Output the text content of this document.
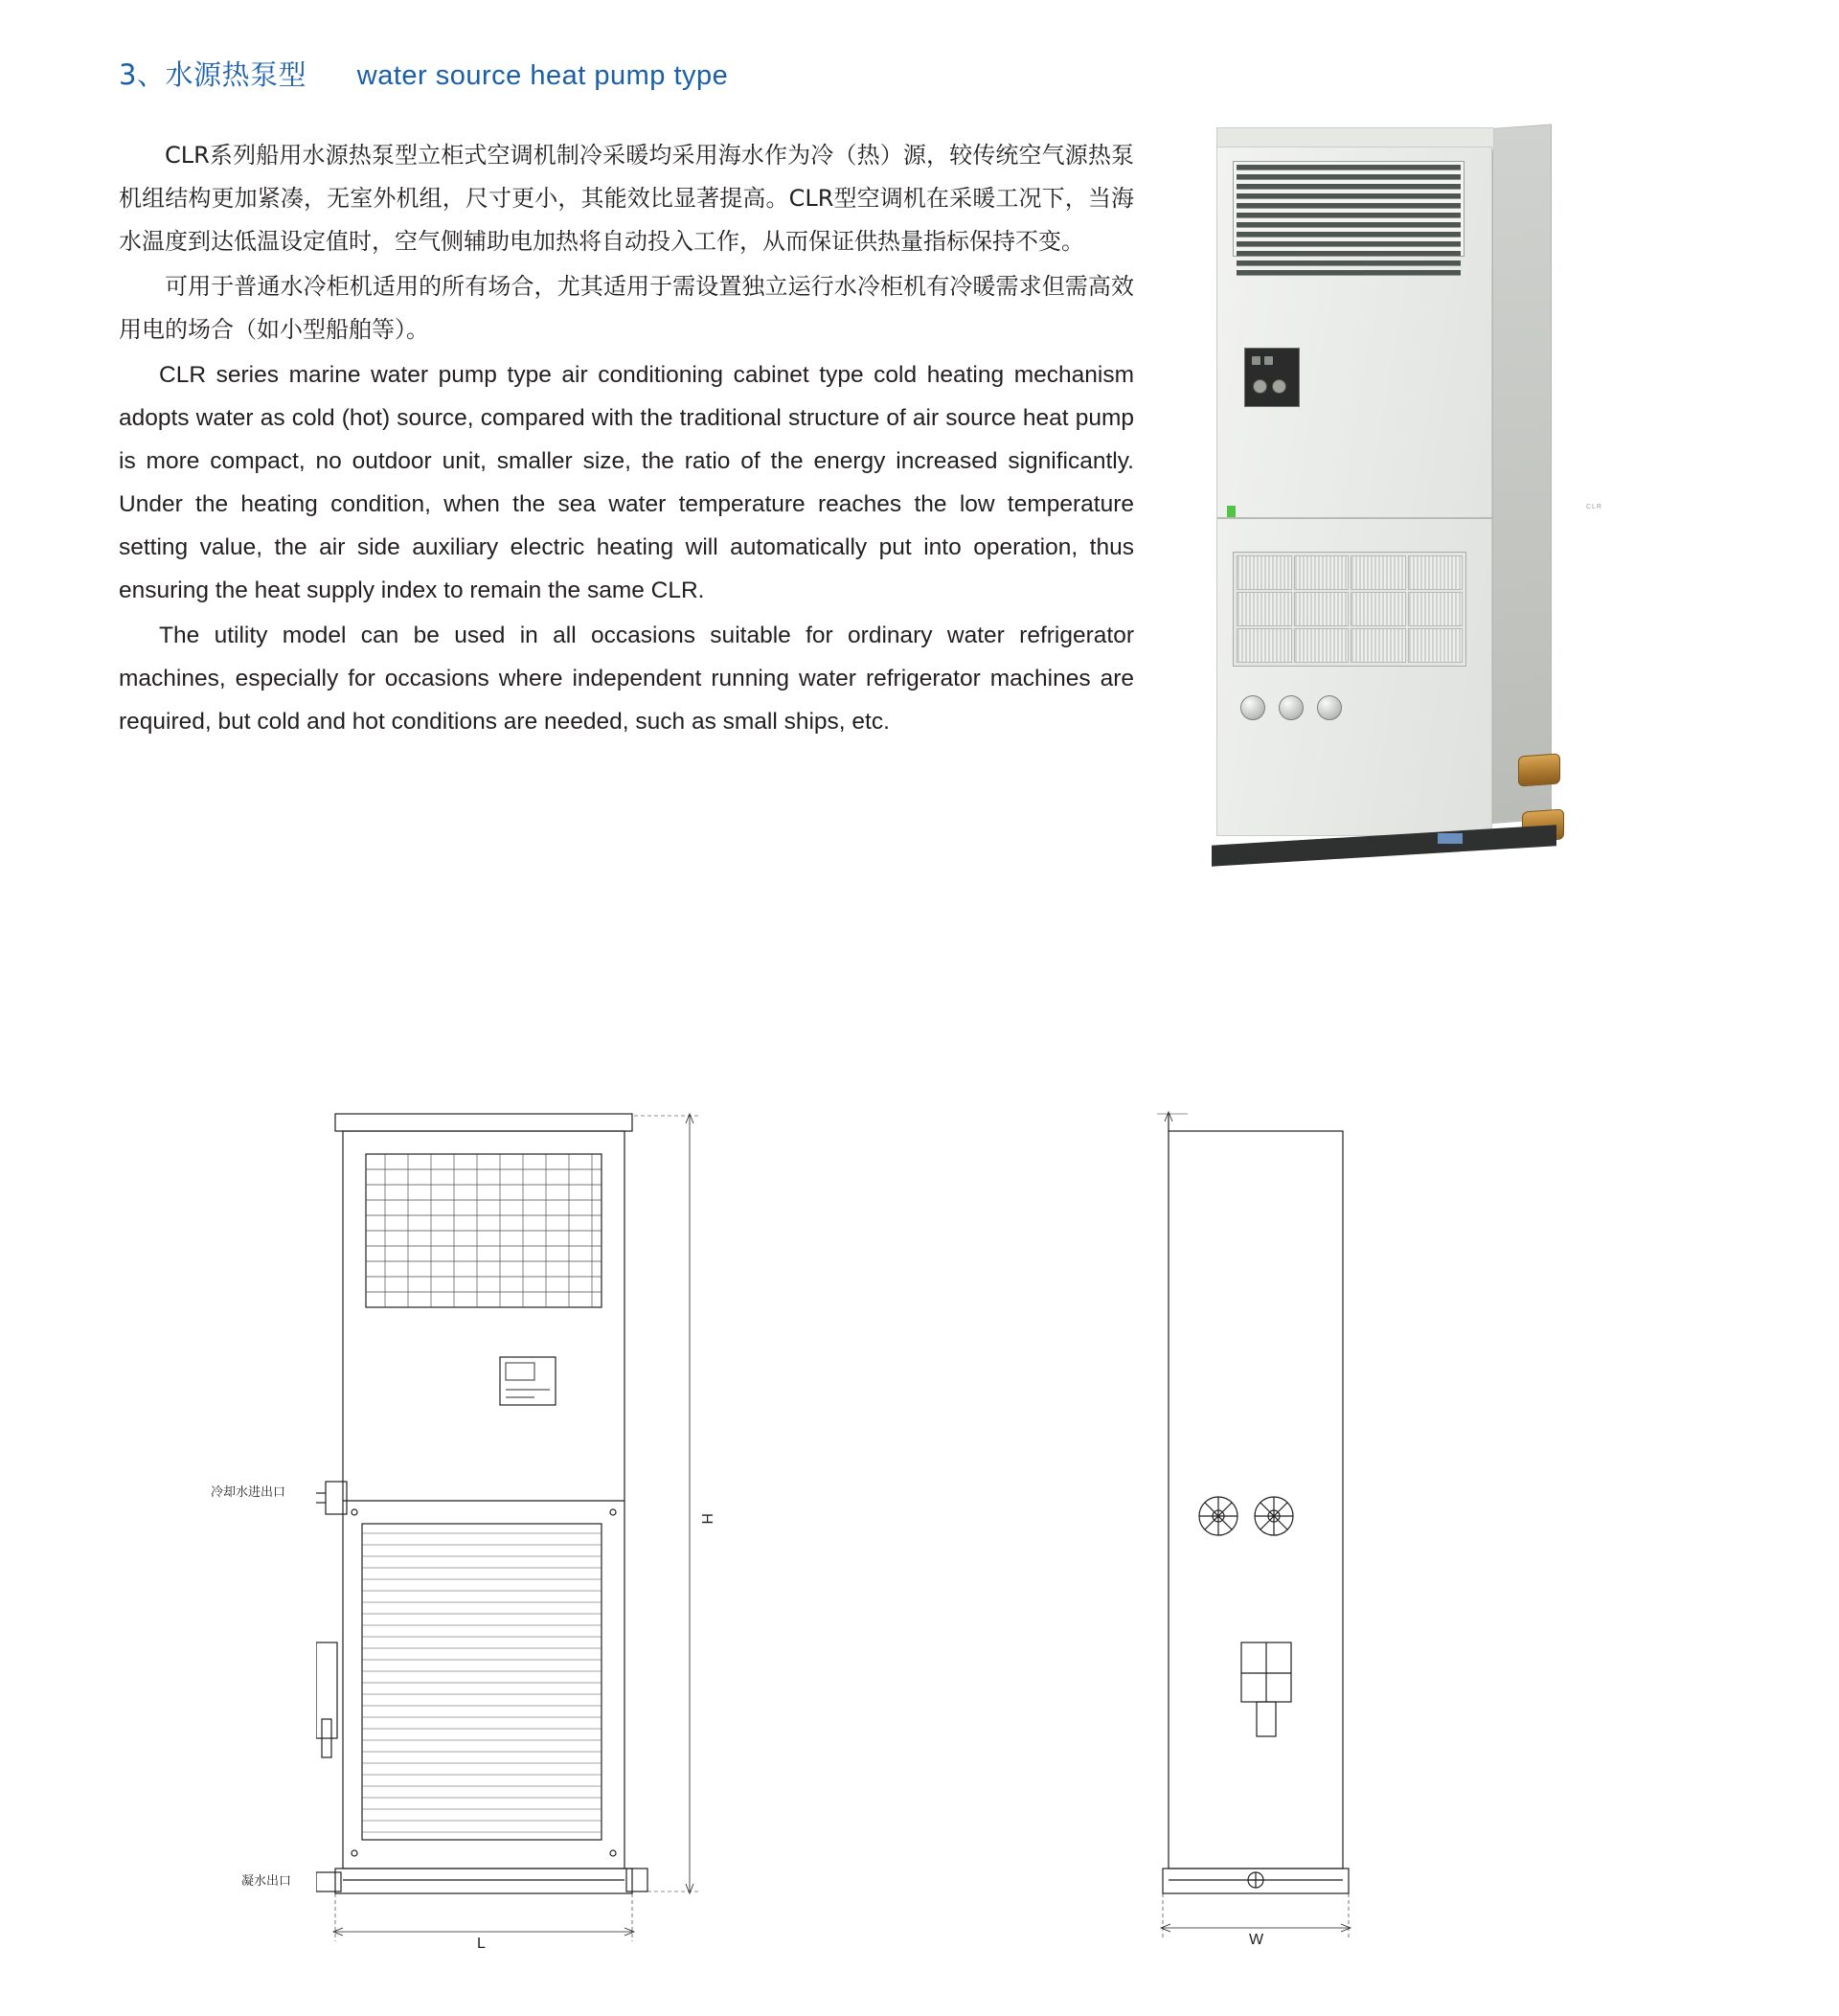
3、水源热泵型 water source heat pump type

CLR系列船用水源热泵型立柜式空调机制冷采暖均采用海水作为冷（热）源，较传统空气源热泵机组结构更加紧凑，无室外机组，尺寸更小，其能效比显著提高。CLR型空调机在采暖工况下，当海水温度到达低温设定值时，空气侧辅助电加热将自动投入工作，从而保证供热量指标保持不变。

可用于普通水冷柜机适用的所有场合，尤其适用于需设置独立运行水冷柜机有冷暖需求但需高效用电的场合（如小型船舶等）。

CLR series marine water pump type air conditioning cabinet type cold heating mechanism adopts water as cold (hot) source, compared with the traditional structure of air source heat pump is more compact, no outdoor unit, smaller size, the ratio of the energy increased significantly. Under the heating condition, when the sea water temperature reaches the low temperature setting value, the air side auxiliary electric heating will automatically put into operation, thus ensuring the heat supply index to remain the same CLR.

The utility model can be used in all occasions suitable for ordinary water refrigerator machines, especially for occasions where independent running water refrigerator machines are required, but cold and hot conditions are needed, such as small ships, etc.

CLR
H
L
冷却水进出口
凝水出口
W
